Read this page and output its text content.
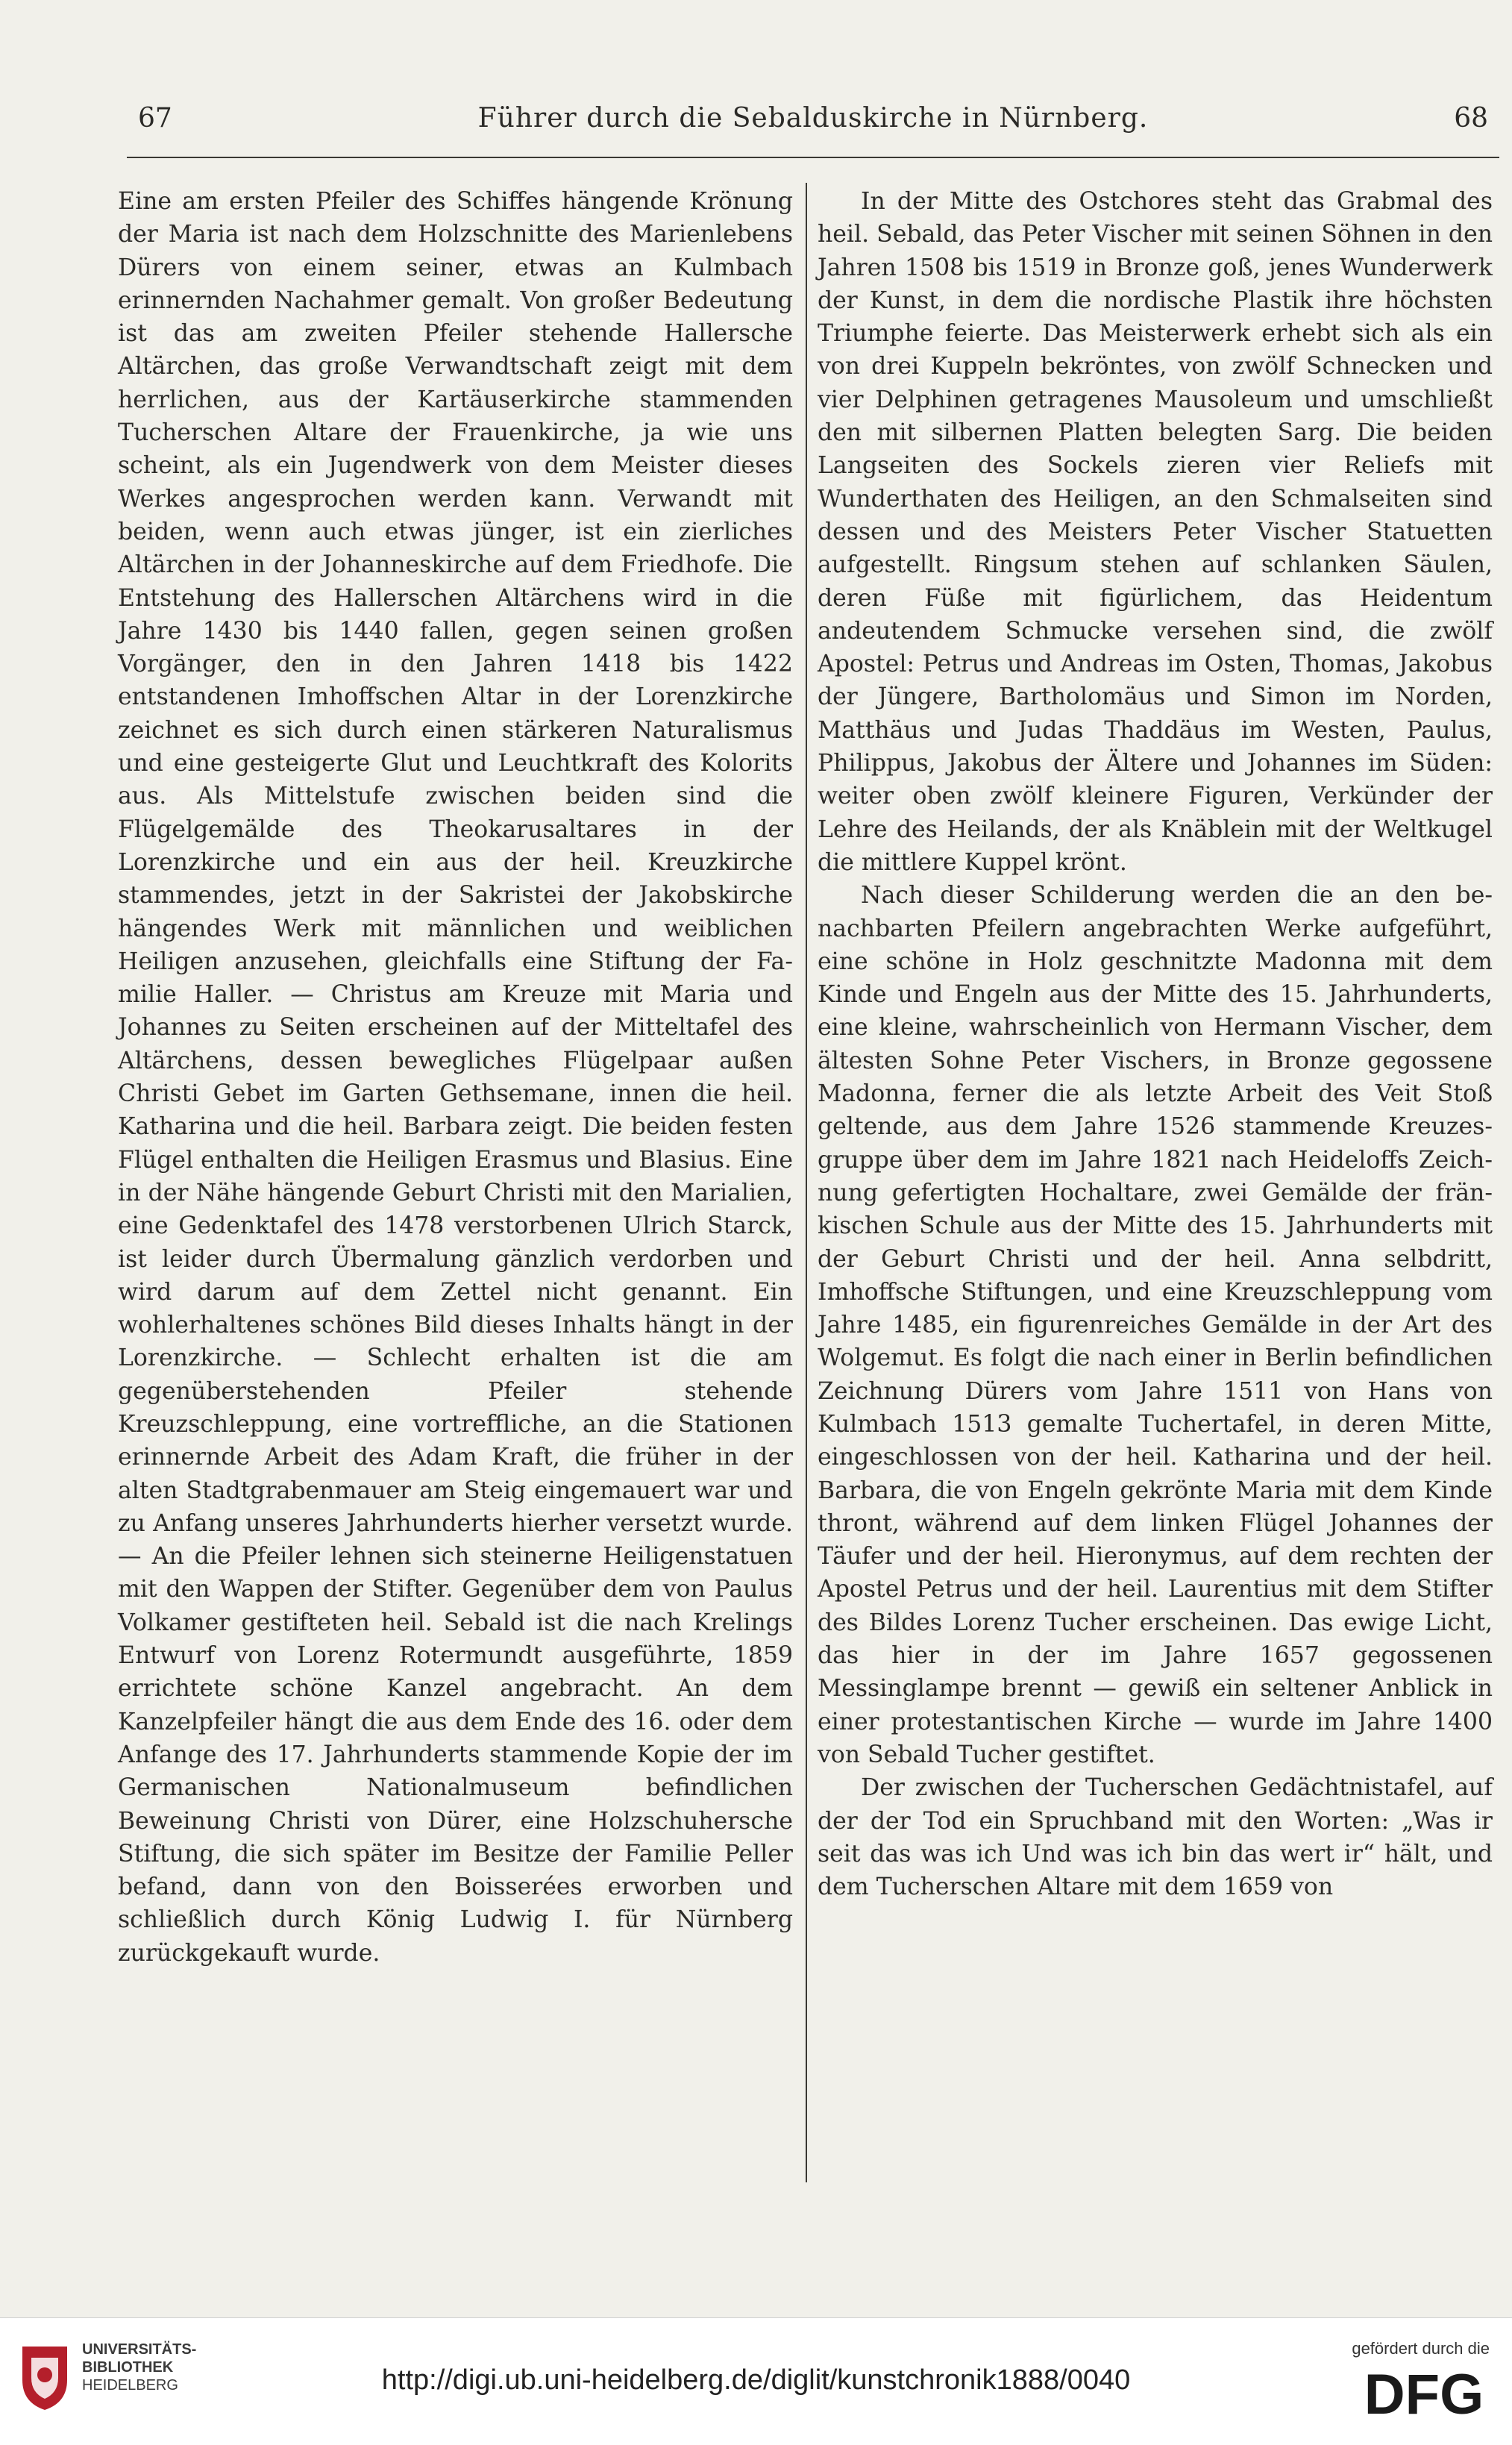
67	Führer durch die Sebalduskirche in Nürnberg.	68

Eine am ersten Pfeiler des Schiffes hängende Krönung der Maria ist nach dem Holzschnitte des Marienlebens Dürers von einem seiner, etwas an Kulmbach erinnernden Nachahmer gemalt. Von großer Bedeutung ist das am zweiten Pfeiler stehende Hallersche Altärchen, das große Verwandtschaft zeigt mit dem herrlichen, aus der Kartäuserkirche stammenden Tucherschen Altare der Frauenkirche, ja wie uns scheint, als ein Jugendwerk von dem Meister dieses Werkes angesprochen werden kann. Verwandt mit beiden, wenn auch etwas jünger, ist ein zierliches Altärchen in der Johanneskirche auf dem Friedhofe. Die Entstehung des Hallerschen Altärchens wird in die Jahre 1430 bis 1440 fallen, gegen seinen großen Vorgänger, den in den Jahren 1418 bis 1422 entstandenen Imhoffschen Altar in der Lorenzkirche zeichnet es sich durch einen stärkeren Naturalismus und eine gesteigerte Glut und Leuchtkraft des Kolorits aus. Als Mittelstufe zwischen beiden sind die Flügelgemälde des Theokarusaltares in der Lorenzkirche und ein aus der heil. Kreuzkirche stammendes, jetzt in der Sakristei der Jakobskirche hängendes Werk mit männlichen und weiblichen Heiligen anzusehen, gleichfalls eine Stiftung der Familie Haller. — Christus am Kreuze mit Maria und Johannes zu Seiten erscheinen auf der Mitteltafel des Altärchens, dessen bewegliches Flügelpaar außen Christi Gebet im Garten Gethsemane, innen die heil. Katharina und die heil. Barbara zeigt. Die beiden festen Flügel enthalten die Heiligen Erasmus und Blasius. Eine in der Nähe hängende Geburt Christi mit den Marialien, eine Gedenktafel des 1478 verstorbenen Ulrich Starck, ist leider durch Übermalung gänzlich verdorben und wird darum auf dem Zettel nicht genannt. Ein wohlerhaltenes schönes Bild dieses Inhalts hängt in der Lorenzkirche. — Schlecht erhalten ist die am gegenüberstehenden Pfeiler stehende Kreuzschleppung, eine vortreffliche, an die Stationen erinnernde Arbeit des Adam Kraft, die früher in der alten Stadtgrabenmauer am Steig eingemauert war und zu Anfang unseres Jahrhunderts hierher versetzt wurde. — An die Pfeiler lehnen sich steinerne Heiligenstatuen mit den Wappen der Stifter. Gegenüber dem von Paulus Volkamer gestifteten heil. Sebald ist die nach Krelings Entwurf von Lorenz Rotermundt ausgeführte, 1859 errichtete schöne Kanzel angebracht. An dem Kanzelpfeiler hängt die aus dem Ende des 16. oder dem Anfange des 17. Jahrhunderts stammende Kopie der im Germanischen Nationalmuseum befindlichen Beweinung Christi von Dürer, eine Holzschuhersche Stiftung, die sich später im Besitze der Familie Peller befand, dann von den Boisserées erworben und schließlich durch König Ludwig I. für Nürnberg zurückgekauft wurde.

In der Mitte des Ostchores steht das Grabmal des heil. Sebald, das Peter Vischer mit seinen Söhnen in den Jahren 1508 bis 1519 in Bronze goß, jenes Wunderwerk der Kunst, in dem die nordische Plastik ihre höchsten Triumphe feierte. Das Meisterwerk erhebt sich als ein von drei Kuppeln bekröntes, von zwölf Schnecken und vier Delphinen getragenes Mausoleum und umschließt den mit silbernen Platten belegten Sarg. Die beiden Langseiten des Sockels zieren vier Reliefs mit Wunderthaten des Heiligen, an den Schmalseiten sind dessen und des Meisters Peter Vischer Statuetten aufgestellt. Ringsum stehen auf schlanken Säulen, deren Füße mit figürlichem, das Heidentum andeutendem Schmucke versehen sind, die zwölf Apostel: Petrus und Andreas im Osten, Thomas, Jakobus der Jüngere, Bartholomäus und Simon im Norden, Matthäus und Judas Thaddäus im Westen, Paulus, Philippus, Jakobus der Ältere und Johannes im Süden: weiter oben zwölf kleinere Figuren, Verkünder der Lehre des Heilands, der als Knäblein mit der Weltkugel die mittlere Kuppel krönt.

Nach dieser Schilderung werden die an den benachbarten Pfeilern angebrachten Werke aufgeführt, eine schöne in Holz geschnitzte Madonna mit dem Kinde und Engeln aus der Mitte des 15. Jahrhunderts, eine kleine, wahrscheinlich von Hermann Vischer, dem ältesten Sohne Peter Vischers, in Bronze gegossene Madonna, ferner die als letzte Arbeit des Veit Stoß geltende, aus dem Jahre 1526 stammende Kreuzesgruppe über dem im Jahre 1821 nach Heideloffs Zeichnung gefertigten Hochaltare, zwei Gemälde der fränkischen Schule aus der Mitte des 15. Jahrhunderts mit der Geburt Christi und der heil. Anna selbdritt, Imhoffsche Stiftungen, und eine Kreuzschleppung vom Jahre 1485, ein figurenreiches Gemälde in der Art des Wolgemut. Es folgt die nach einer in Berlin befindlichen Zeichnung Dürers vom Jahre 1511 von Hans von Kulmbach 1513 gemalte Tuchertafel, in deren Mitte, eingeschlossen von der heil. Katharina und der heil. Barbara, die von Engeln gekrönte Maria mit dem Kinde thront, während auf dem linken Flügel Johannes der Täufer und der heil. Hieronymus, auf dem rechten der Apostel Petrus und der heil. Laurentius mit dem Stifter des Bildes Lorenz Tucher erscheinen. Das ewige Licht, das hier in der im Jahre 1657 gegossenen Messinglampe brennt — gewiß ein seltener Anblick in einer protestantischen Kirche — wurde im Jahre 1400 von Sebald Tucher gestiftet.

Der zwischen der Tucherschen Gedächtnistafel, auf der der Tod ein Spruchband mit den Worten: „Was ir seit das was ich Und was ich bin das wert ir“ hält, und dem Tucherschen Altare mit dem 1659 von

UNIVERSITÄTS-
BIBLIOTHEK
HEIDELBERG	http://digi.ub.uni-heidelberg.de/diglit/kunstchronik1888/0040
gefördert durch die
DFG
